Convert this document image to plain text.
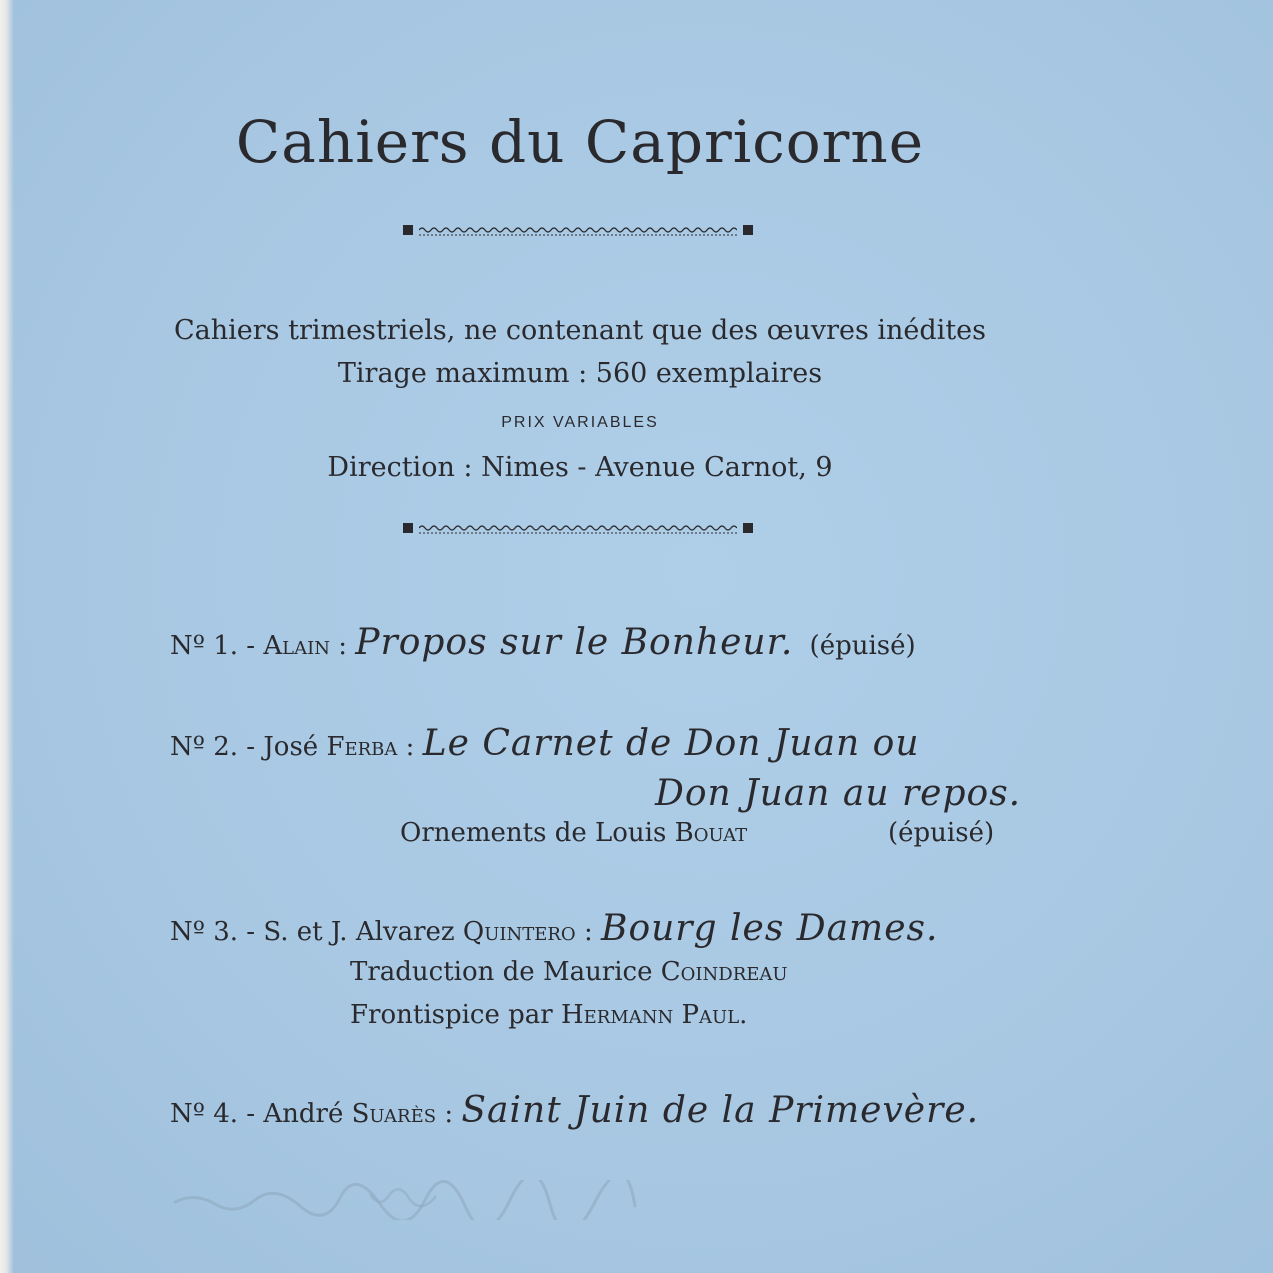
Cahiers du Capricorne
Cahiers trimestriels, ne contenant que des œuvres inédites
Tirage maximum : 560 exemplaires
PRIX VARIABLES
Direction : Nimes - Avenue Carnot, 9
Nº 1. - Alain : Propos sur le Bonheur. (épuisé)
Nº 2. - José Ferba : Le Carnet de Don Juan ou
Don Juan au repos.
Ornements de Louis Bouat	(épuisé)
Nº 3. - S. et J. Alvarez Quintero : Bourg les Dames.
Traduction de Maurice Coindreau
Frontispice par Hermann Paul.
Nº 4. - André Suarès : Saint Juin de la Primevère.
